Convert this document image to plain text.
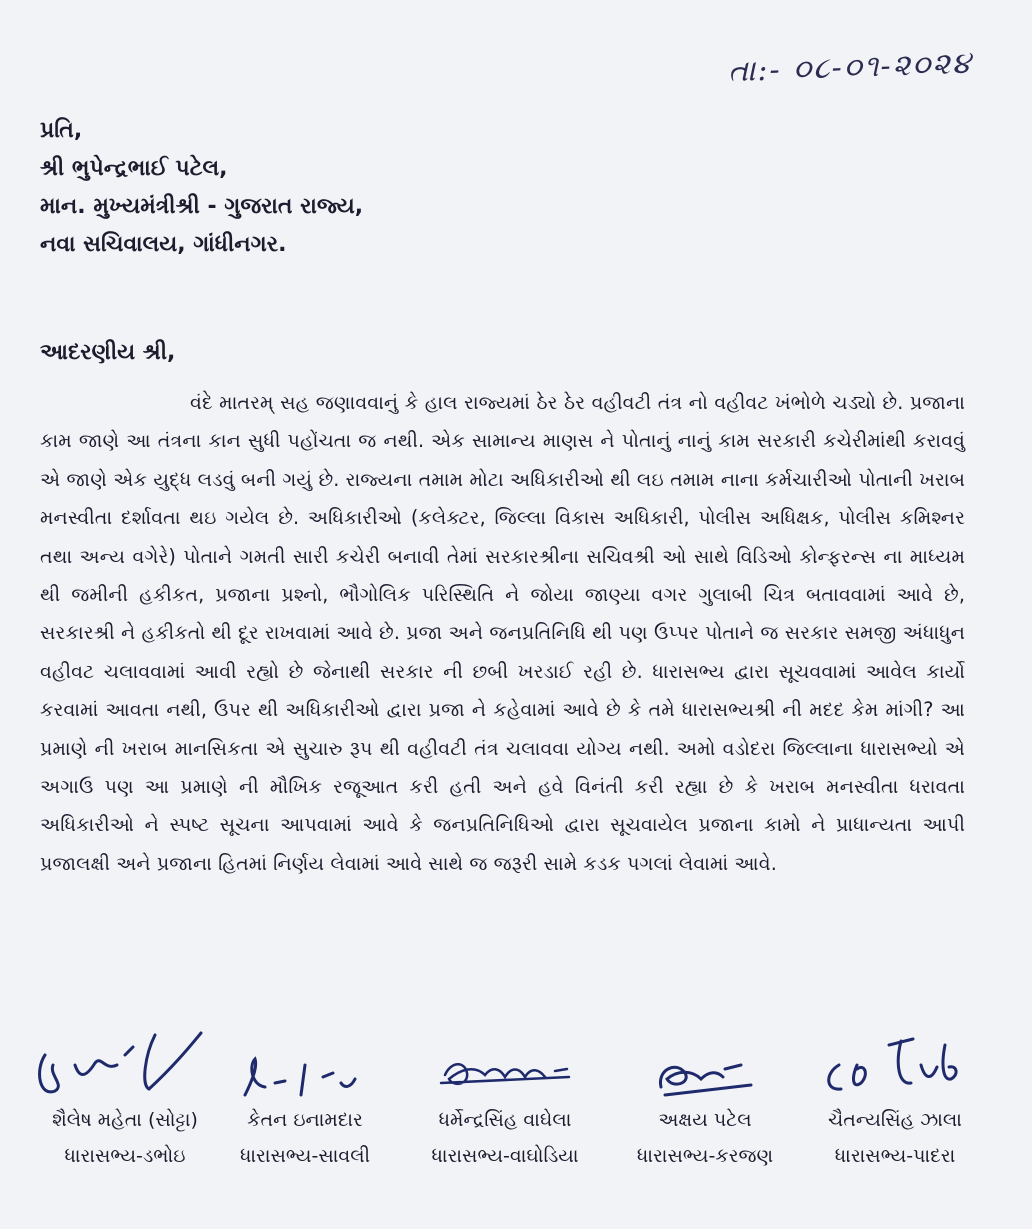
તા:- ૦૮-૦૧-૨૦૨૪
પ્રતિ,
શ્રી ભુપેન્દ્રભાઈ પટેલ,
માન. મુખ્યમંત્રીશ્રી - ગુજરાત રાજ્ય,
નવા સચિવાલય, ગાંધીનગર.
આદરણીય શ્રી,

વંદે માતરમ્ સહ જણાવવાનું કે હાલ રાજ્યમાં ઠેર ઠેર વહીવટી તંત્ર નો વહીવટ ખંભોળે ચડ્યો છે. પ્રજાના કામ જાણે આ તંત્રના કાન સુધી પહોંચતા જ નથી. એક સામાન્ય માણસ ને પોતાનું નાનું કામ સરકારી કચેરીમાંથી કરાવવું એ જાણે એક યુદ્ધ લડવું બની ગયું છે. રાજ્યના તમામ મોટા અધિકારીઓ થી લઇ તમામ નાના કર્મચારીઓ પોતાની ખરાબ મનસ્વીતા દર્શાવતા થઇ ગયેલ છે. અધિકારીઓ (કલેક્ટર, જિલ્લા વિકાસ અધિકારી, પોલીસ અધિક્ષક, પોલીસ કમિશ્નર તથા અન્ય વગેરે) પોતાને ગમતી સારી કચેરી બનાવી તેમાં સરકારશ્રીના સચિવશ્રી ઓ સાથે વિડિઓ કોન્ફરન્સ ના માધ્યમ થી જમીની હકીકત, પ્રજાના પ્રશ્નો, ભૌગોલિક પરિસ્થિતિ ને જોયા જાણ્યા વગર ગુલાબી ચિત્ર બતાવવામાં આવે છે, સરકારશ્રી ને હકીકતો થી દૂર રાખવામાં આવે છે. પ્રજા અને જનપ્રતિનિધિ થી પણ ઉપ્પર પોતાને જ સરકાર સમજી અંધાધુન વહીવટ ચલાવવામાં આવી રહ્યો છે જેનાથી સરકાર ની છબી ખરડાઈ રહી છે. ધારાસભ્ય દ્વારા સૂચવવામાં આવેલ કાર્યો કરવામાં આવતા નથી, ઉપર થી અધિકારીઓ દ્વારા પ્રજા ને કહેવામાં આવે છે કે તમે ધારાસભ્યશ્રી ની મદદ કેમ માંગી? આ પ્રમાણે ની ખરાબ માનસિકતા એ સુચારુ રૂપ થી વહીવટી તંત્ર ચલાવવા યોગ્ય નથી. અમો વડોદરા જિલ્લાના ધારાસભ્યો એ અગાઉ પણ આ પ્રમાણે ની મૌખિક રજૂઆત કરી હતી અને હવે વિનંતી કરી રહ્યા છે કે ખરાબ મનસ્વીતા ધરાવતા અધિકારીઓ ને સ્પષ્ટ સૂચના આપવામાં આવે કે જનપ્રતિનિધિઓ દ્વારા સૂચવાયેલ પ્રજાના કામો ને પ્રાધાન્યતા આપી પ્રજાલક્ષી અને પ્રજાના હિતમાં નિર્ણય લેવામાં આવે સાથે જ જરૂરી સામે કડક પગલાં લેવામાં આવે.

શૈલેષ મહેતા (સોટ્ટા)
ધારાસભ્ય-ડભોઇ
કેતન ઇનામદાર
ધારાસભ્ય-સાવલી
ધર્મેન્દ્રસિંહ વાઘેલા
ધારાસભ્ય-વાઘોડિયા
અક્ષય પટેલ
ધારાસભ્ય-કરજણ
ચૈતન્યસિંહ ઝાલા
ધારાસભ્ય-પાદરા
